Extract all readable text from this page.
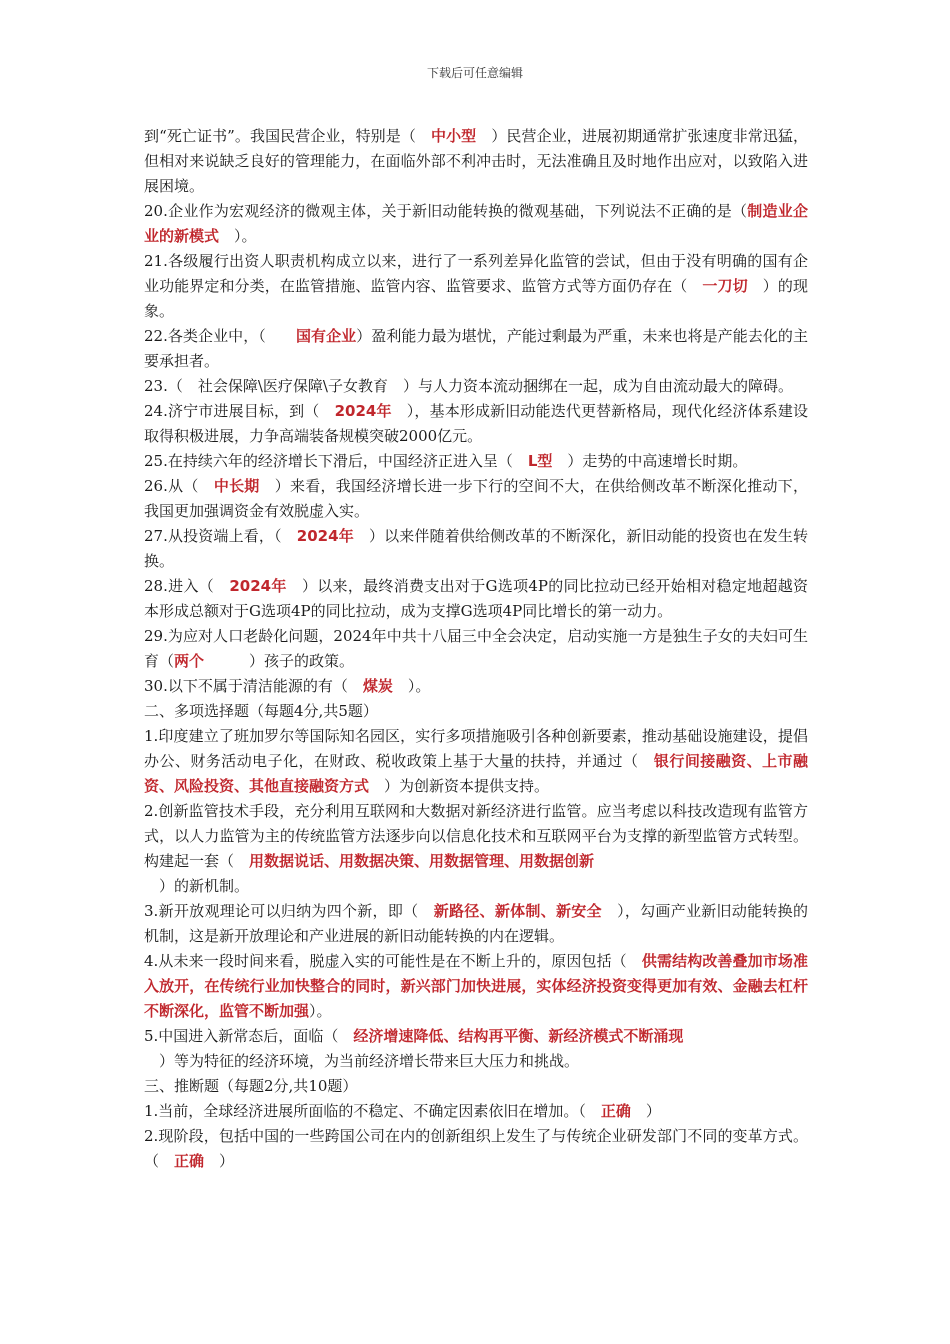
下载后可任意编辑

到“死亡证书”。我国民营企业，特别是（　中小型　）民营企业，进展初期通常扩张速度非常迅猛，但相对来说缺乏良好的管理能力，在面临外部不利冲击时，无法准确且及时地作出应对，以致陷入进展困境。

20.企业作为宏观经济的微观主体，关于新旧动能转换的微观基础，下列说法不正确的是（制造业企业的新模式　）。

21.各级履行出资人职责机构成立以来，进行了一系列差异化监管的尝试，但由于没有明确的国有企业功能界定和分类，在监管措施、监管内容、监管要求、监管方式等方面仍存在（　一刀切　）的现象。

22.各类企业中，（　　国有企业）盈利能力最为堪忧，产能过剩最为严重，未来也将是产能去化的主要承担者。

23.（　社会保障\医疗保障\子女教育　）与人力资本流动捆绑在一起，成为自由流动最大的障碍。

24.济宁市进展目标，到（　2024年　），基本形成新旧动能迭代更替新格局，现代化经济体系建设取得积极进展，力争高端装备规模突破2000亿元。

25.在持续六年的经济增长下滑后，中国经济正进入呈（　L型　）走势的中高速增长时期。

26.从（　中长期　）来看，我国经济增长进一步下行的空间不大，在供给侧改革不断深化推动下，我国更加强调资金有效脱虚入实。

27.从投资端上看，（　2024年　）以来伴随着供给侧改革的不断深化，新旧动能的投资也在发生转换。

28.进入（　2024年　）以来，最终消费支出对于G选项4P的同比拉动已经开始相对稳定地超越资本形成总额对于G选项4P的同比拉动，成为支撑G选项4P同比增长的第一动力。

29.为应对人口老龄化问题，2024年中共十八届三中全会决定，启动实施一方是独生子女的夫妇可生育（两个　　　）孩子的政策。

30.以下不属于清洁能源的有（　煤炭　）。

二、多项选择题（每题4分,共5题）

1.印度建立了班加罗尔等国际知名园区，实行多项措施吸引各种创新要素，推动基础设施建设，提倡办公、财务活动电子化，在财政、税收政策上基于大量的扶持，并通过（　银行间接融资、上市融资、风险投资、其他直接融资方式　）为创新资本提供支持。

2.创新监管技术手段，充分利用互联网和大数据对新经济进行监管。应当考虑以科技改造现有监管方式，以人力监管为主的传统监管方法逐步向以信息化技术和互联网平台为支撑的新型监管方式转型。构建起一套（　用数据说话、用数据决策、用数据管理、用数据创新
　）的新机制。

3.新开放观理论可以归纳为四个新，即（　新路径、新体制、新安全　），勾画产业新旧动能转换的机制，这是新开放理论和产业进展的新旧动能转换的内在逻辑。

4.从未来一段时间来看，脱虚入实的可能性是在不断上升的，原因包括（　供需结构改善叠加市场准入放开，在传统行业加快整合的同时，新兴部门加快进展，实体经济投资变得更加有效、金融去杠杆不断深化，监管不断加强）。

5.中国进入新常态后，面临（　经济增速降低、结构再平衡、新经济模式不断涌现
　）等为特征的经济环境，为当前经济增长带来巨大压力和挑战。

三、推断题（每题2分,共10题）

1.当前，全球经济进展所面临的不稳定、不确定因素依旧在增加。（　正确　）

2.现阶段，包括中国的一些跨国公司在内的创新组织上发生了与传统企业研发部门不同的变革方式。（　正确　）
